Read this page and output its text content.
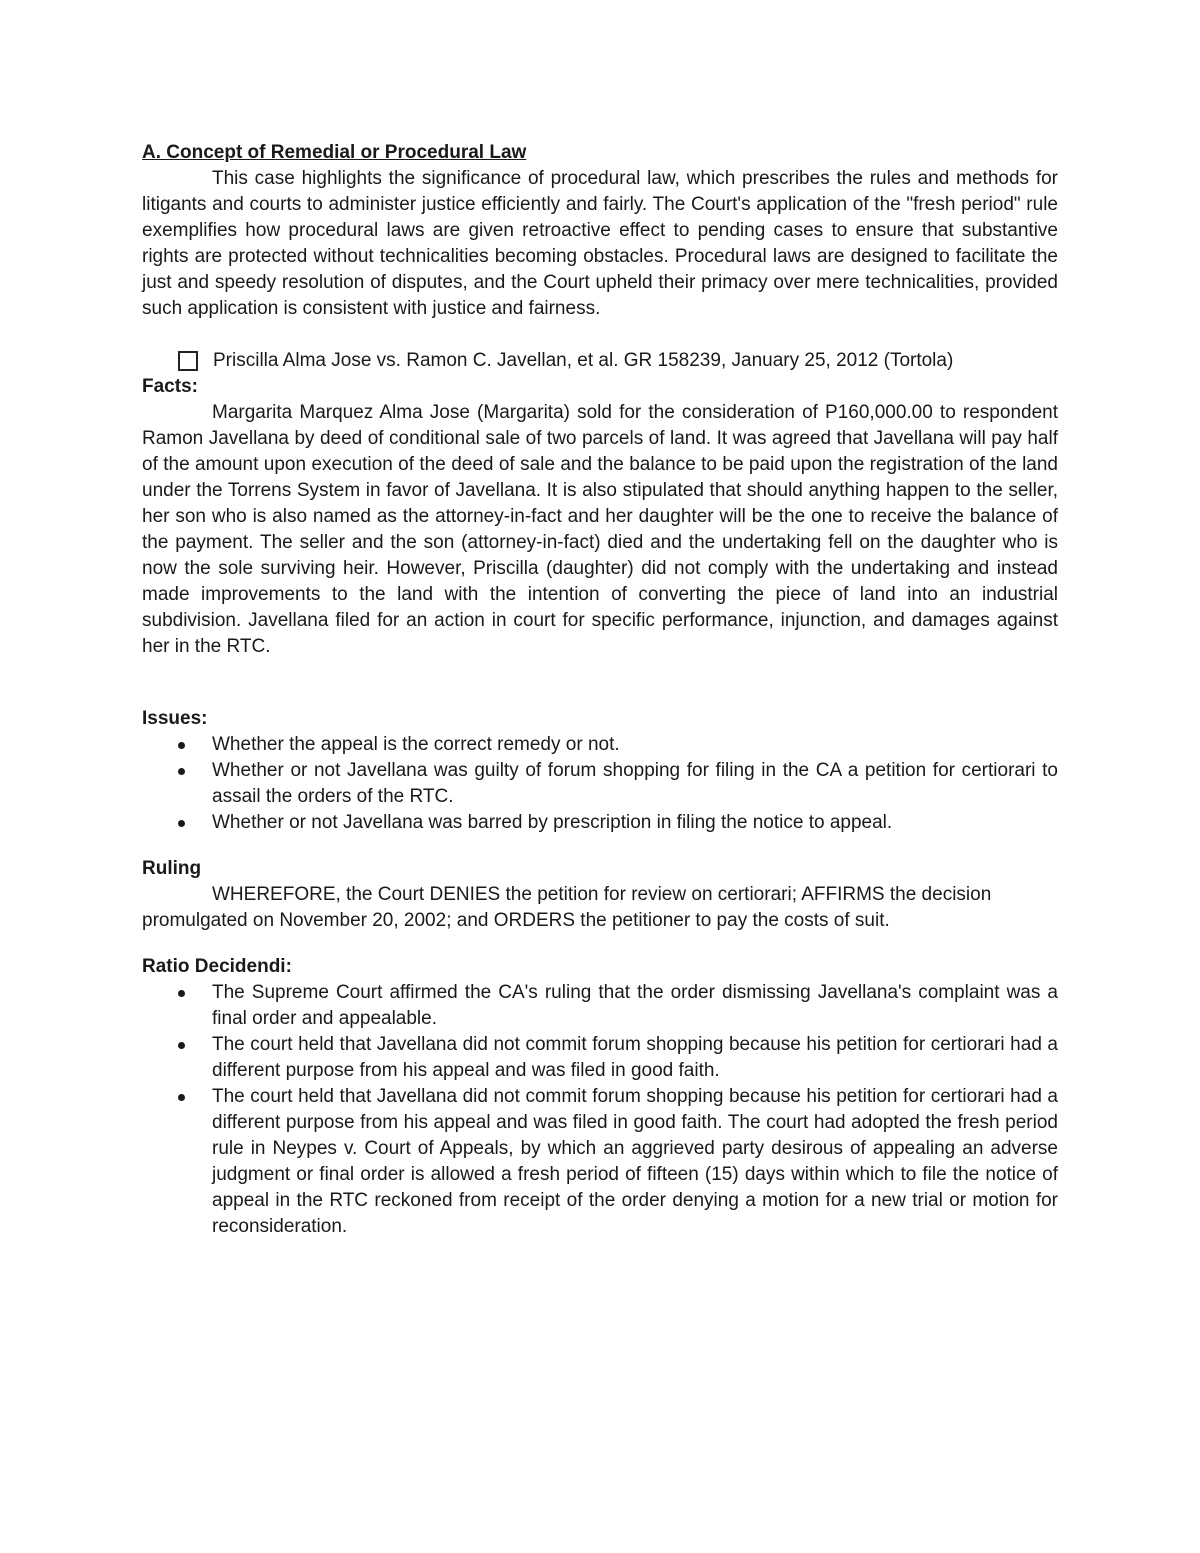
A. Concept of Remedial or Procedural Law

This case highlights the significance of procedural law, which prescribes the rules and methods for litigants and courts to administer justice efficiently and fairly. The Court's application of the "fresh period" rule exemplifies how procedural laws are given retroactive effect to pending cases to ensure that substantive rights are protected without technicalities becoming obstacles. Procedural laws are designed to facilitate the just and speedy resolution of disputes, and the Court upheld their primacy over mere technicalities, provided such application is consistent with justice and fairness.

Priscilla Alma Jose vs. Ramon C. Javellan, et al. GR 158239, January 25, 2012 (Tortola)

Facts:

Margarita Marquez Alma Jose (Margarita) sold for the consideration of P160,000.00 to respondent Ramon Javellana by deed of conditional sale of two parcels of land. It was agreed that Javellana will pay half of the amount upon execution of the deed of sale and the balance to be paid upon the registration of the land under the Torrens System in favor of Javellana. It is also stipulated that should anything happen to the seller, her son who is also named as the attorney-in-fact and her daughter will be the one to receive the balance of the payment. The seller and the son (attorney-in-fact) died and the undertaking fell on the daughter who is now the sole surviving heir. However, Priscilla (daughter) did not comply with the undertaking and instead made improvements to the land with the intention of converting the piece of land into an industrial subdivision. Javellana filed for an action in court for specific performance, injunction, and damages against her in the RTC.

Issues:

Whether the appeal is the correct remedy or not.
Whether or not Javellana was guilty of forum shopping for filing in the CA a petition for certiorari to assail the orders of the RTC.
Whether or not Javellana was barred by prescription in filing the notice to appeal.

Ruling

WHEREFORE, the Court DENIES the petition for review on certiorari; AFFIRMS the decision promulgated on November 20, 2002; and ORDERS the petitioner to pay the costs of suit.

Ratio Decidendi:

The Supreme Court affirmed the CA's ruling that the order dismissing Javellana's complaint was a final order and appealable.
The court held that Javellana did not commit forum shopping because his petition for certiorari had a different purpose from his appeal and was filed in good faith.
The court held that Javellana did not commit forum shopping because his petition for certiorari had a different purpose from his appeal and was filed in good faith. The court had adopted the fresh period rule in Neypes v. Court of Appeals, by which an aggrieved party desirous of appealing an adverse judgment or final order is allowed a fresh period of fifteen (15) days within which to file the notice of appeal in the RTC reckoned from receipt of the order denying a motion for a new trial or motion for reconsideration.
